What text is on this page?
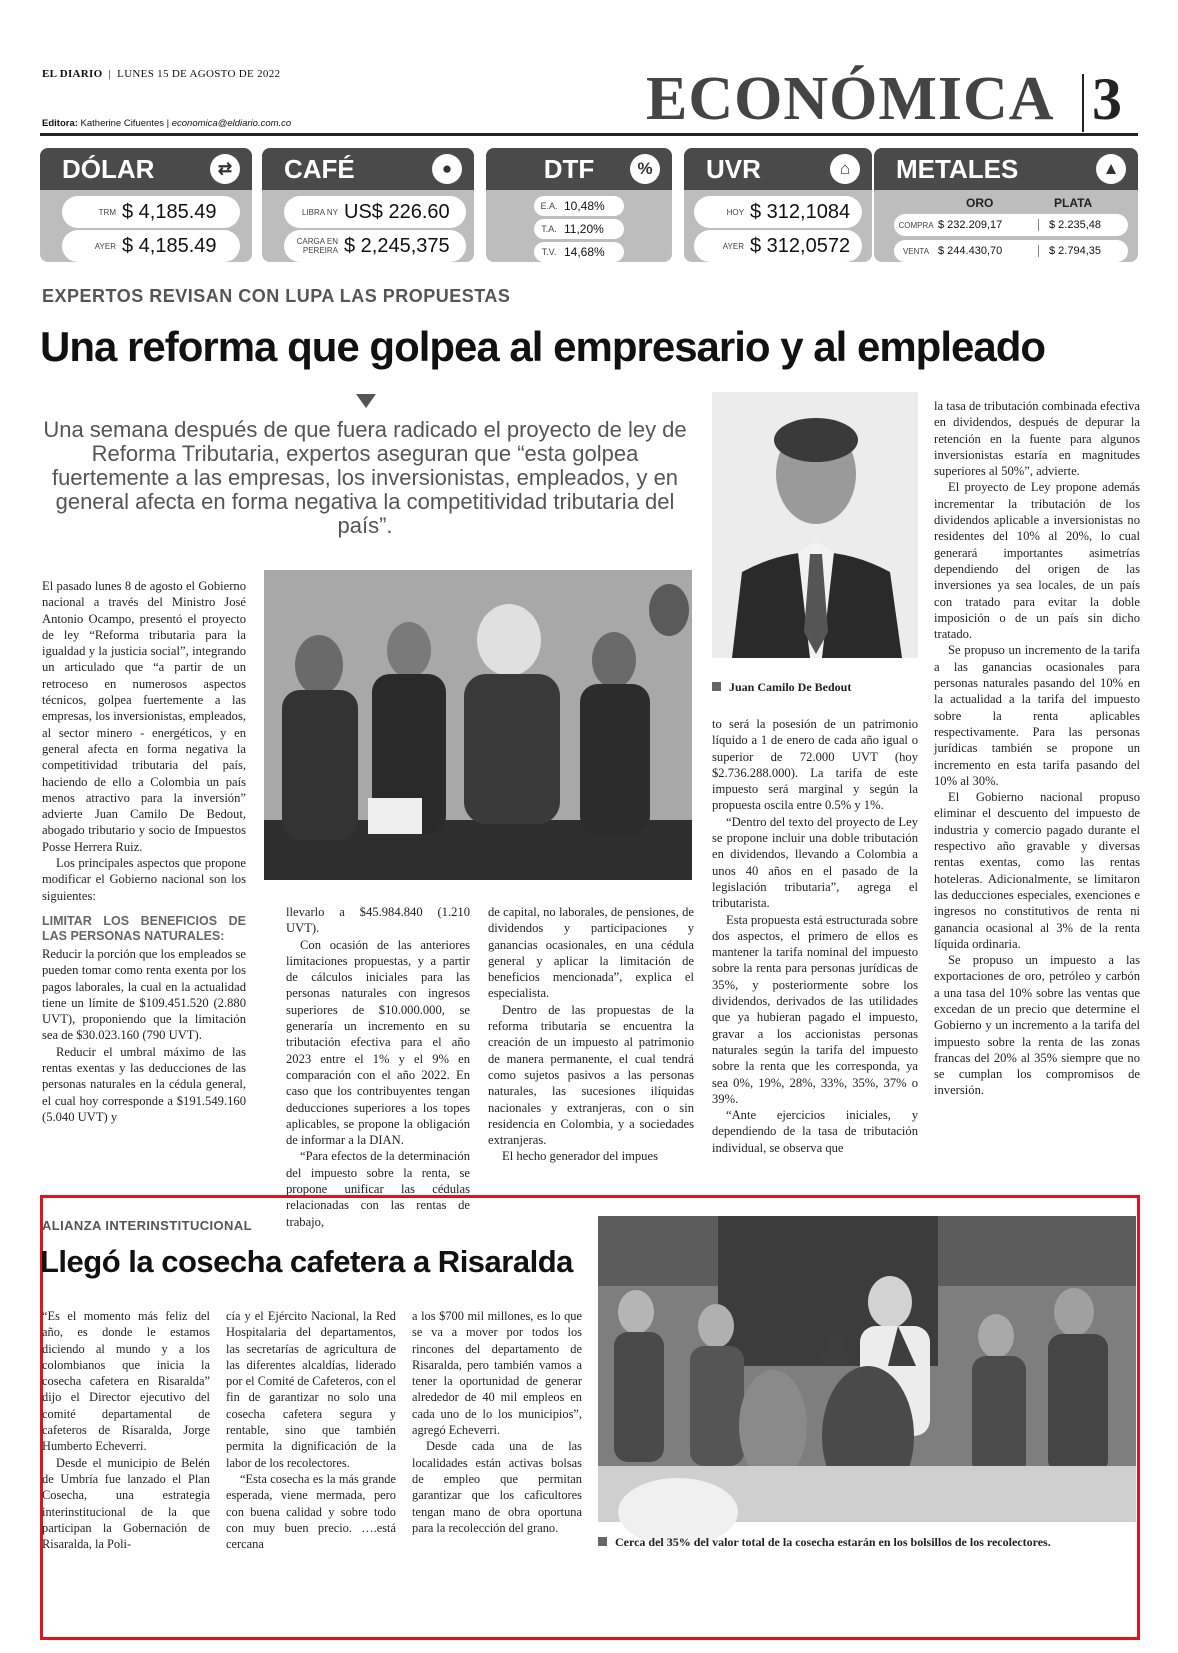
EL DIARIO  |  LUNES 15 DE AGOSTO DE 2022
Editora: Katherine Cifuentes | economica@eldiario.com.co	ECONÓMICA 3
DÓLAR	⇄
TRM $ 4,185.49
AYER $ 4,185.49
CAFÉ	●
LIBRA NY US$ 226.60
CARGA EN PEREIRA $ 2,245,375
DTF	%
E.A. 10,48%
T.A. 11,20%
T.V. 14,68%
UVR	⌂
HOY $ 312,1084
AYER $ 312,0572
METALES	▲
ORO	PLATA
COMPRA $ 232.209,17	$ 2.235,48
VENTA $ 244.430,70	$ 2.794,35
EXPERTOS REVISAN CON LUPA LAS PROPUESTAS
Una reforma que golpea al empresario y al empleado
Una semana después de que fuera radicado el proyecto de ley de Reforma Tributaria, expertos aseguran que “esta golpea fuertemente a las empresas, los inversionistas, empleados, y en general afecta en forma negativa la competitividad tributaria del país”.

El pasado lunes 8 de agosto el Gobierno nacional a través del Ministro José Antonio Ocampo, presentó el proyecto de ley “Reforma tributaria para la igualdad y la justicia social”, integrando un articulado que “a partir de un retroceso en numerosos aspectos técnicos, golpea fuertemente a las empresas, los inversionistas, empleados, al sector minero - energéticos, y en general afecta en forma negativa la competitividad tributaria del país, haciendo de ello a Colombia un país menos atractivo para la inversión” advierte Juan Camilo De Bedout, abogado tributario y socio de Impuestos Posse Herrera Ruiz.

Los principales aspectos que propone modificar el Gobierno nacional son los siguientes:

LIMITAR LOS BENEFICIOS DE LAS PERSONAS NATURALES:

Reducir la porción que los empleados se pueden tomar como renta exenta por los pagos laborales, la cual en la actualidad tiene un límite de $109.451.520 (2.880 UVT), proponiendo que la limitación sea de $30.023.160 (790 UVT).

Reducir el umbral máximo de las rentas exentas y las deducciones de las personas naturales en la cédula general, el cual hoy corresponde a $191.549.160 (5.040 UVT) y

llevarlo a $45.984.840 (1.210 UVT).

Con ocasión de las anteriores limitaciones propuestas, y a partir de cálculos iniciales para las personas naturales con ingresos superiores de $10.000.000, se generaría un incremento en su tributación efectiva para el año 2023 entre el 1% y el 9% en comparación con el año 2022. En caso que los contribuyentes tengan deducciones superiores a los topes aplicables, se propone la obligación de informar a la DIAN.

“Para efectos de la determinación del impuesto sobre la renta, se propone unificar las cédulas relacionadas con las rentas de trabajo,

de capital, no laborales, de pensiones, de dividendos y participaciones y ganancias ocasionales, en una cédula general y aplicar la limitación de beneficios mencionada”, explica el especialista.

Dentro de las propuestas de la reforma tributaria se encuentra la creación de un impuesto al patrimonio de manera permanente, el cual tendrá como sujetos pasivos a las personas naturales, las sucesiones ilíquidas nacionales y extranjeras, con o sin residencia en Colombia, y a sociedades extranjeras.

El hecho generador del impues

Juan Camilo De Bedout

to será la posesión de un patrimonio líquido a 1 de enero de cada año igual o superior de 72.000 UVT (hoy $2.736.288.000). La tarifa de este impuesto será marginal y según la propuesta oscila entre 0.5% y 1%.

“Dentro del texto del proyecto de Ley se propone incluir una doble tributación en dividendos, llevando a Colombia a unos 40 años en el pasado de la legislación tributaria”, agrega el tributarista.

Esta propuesta está estructurada sobre dos aspectos, el primero de ellos es mantener la tarifa nominal del impuesto sobre la renta para personas jurídicas de 35%, y posteriormente sobre los dividendos, derivados de las utilidades que ya hubieran pagado el impuesto, gravar a los accionistas personas naturales según la tarifa del impuesto sobre la renta que les corresponda, ya sea 0%, 19%, 28%, 33%, 35%, 37% o 39%.

“Ante ejercicios iniciales, y dependiendo de la tasa de tributación individual, se observa que

la tasa de tributación combinada efectiva en dividendos, después de depurar la retención en la fuente para algunos inversionistas estaría en magnitudes superiores al 50%”, advierte.

El proyecto de Ley propone además incrementar la tributación de los dividendos aplicable a inversionistas no residentes del 10% al 20%, lo cual generará importantes asimetrías dependiendo del origen de las inversiones ya sea locales, de un país con tratado para evitar la doble imposición o de un país sin dicho tratado.

Se propuso un incremento de la tarifa a las ganancias ocasionales para personas naturales pasando del 10% en la actualidad a la tarifa del impuesto sobre la renta aplicables respectivamente. Para las personas jurídicas también se propone un incremento en esta tarifa pasando del 10% al 30%.

El Gobierno nacional propuso eliminar el descuento del impuesto de industria y comercio pagado durante el respectivo año gravable y diversas rentas exentas, como las rentas hoteleras. Adicionalmente, se limitaron las deducciones especiales, exenciones e ingresos no constitutivos de renta ni ganancia ocasional al 3% de la renta líquida ordinaria.

Se propuso un impuesto a las exportaciones de oro, petróleo y carbón a una tasa del 10% sobre las ventas que excedan de un precio que determine el Gobierno y un incremento a la tarifa del impuesto sobre la renta de las zonas francas del 20% al 35% siempre que no se cumplan los compromisos de inversión.

ALIANZA INTERINSTITUCIONAL
Llegó la cosecha cafetera a Risaralda

“Es el momento más feliz del año, es donde le estamos diciendo al mundo y a los colombianos que inicia la cosecha cafetera en Risaralda” dijo el Director ejecutivo del comité departamental de cafeteros de Risaralda, Jorge Humberto Echeverri.

Desde el municipio de Belén de Umbría fue lanzado el Plan Cosecha, una estrategia interinstitucional de la que participan la Gobernación de Risaralda, la Poli-

cía y el Ejército Nacional, la Red Hospitalaria del departamentos, las secretarías de agricultura de las diferentes alcaldías, liderado por el Comité de Cafeteros, con el fin de garantizar no solo una cosecha cafetera segura y rentable, sino que también permita la dignificación de la labor de los recolectores.

“Esta cosecha es la más grande esperada, viene mermada, pero con buena calidad y sobre todo con muy buen precio. ….está cercana

a los $700 mil millones, es lo que se va a mover por todos los rincones del departamento de Risaralda, pero también vamos a tener la oportunidad de generar alrededor de 40 mil empleos en cada uno de lo los municipios”, agregó Echeverri.

Desde cada una de las localidades están activas bolsas de empleo que permitan garantizar que los caficultores tengan mano de obra oportuna para la recolección del grano.

Cerca del 35% del valor total de la cosecha estarán en los bolsillos de los recolectores.
